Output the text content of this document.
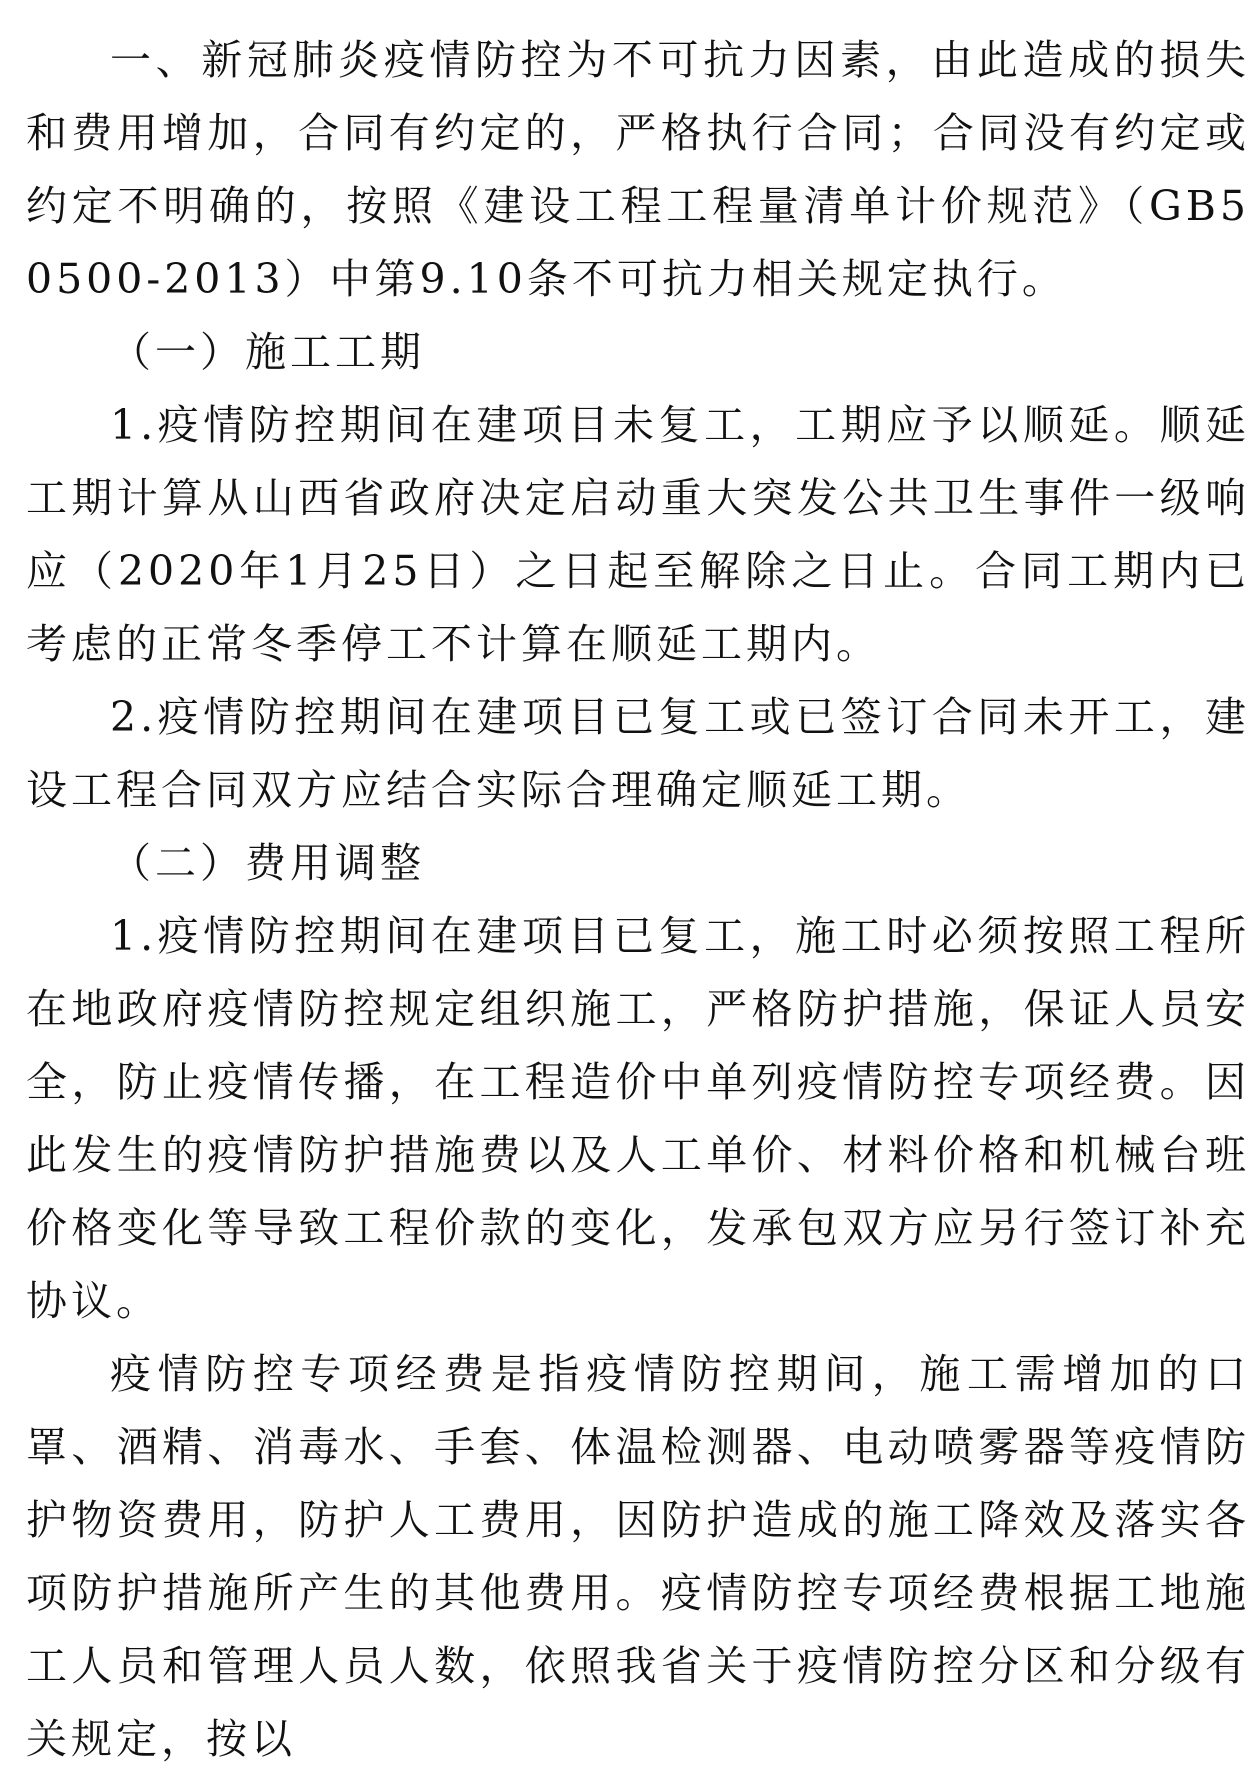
一、新冠肺炎疫情防控为不可抗力因素，由此造成的损失和费用增加，合同有约定的，严格执行合同；合同没有约定或约定不明确的，按照《建设工程工程量清单计价规范》（GB50500-2013）中第9.10条不可抗力相关规定执行。

（一）施工工期

1.疫情防控期间在建项目未复工，工期应予以顺延。顺延工期计算从山西省政府决定启动重大突发公共卫生事件一级响应（2020年1月25日）之日起至解除之日止。合同工期内已考虑的正常冬季停工不计算在顺延工期内。

2.疫情防控期间在建项目已复工或已签订合同未开工，建设工程合同双方应结合实际合理确定顺延工期。

（二）费用调整

1.疫情防控期间在建项目已复工，施工时必须按照工程所在地政府疫情防控规定组织施工，严格防护措施，保证人员安全，防止疫情传播，在工程造价中单列疫情防控专项经费。因此发生的疫情防护措施费以及人工单价、材料价格和机械台班价格变化等导致工程价款的变化，发承包双方应另行签订补充协议。

疫情防控专项经费是指疫情防控期间，施工需增加的口罩、酒精、消毒水、手套、体温检测器、电动喷雾器等疫情防护物资费用，防护人工费用，因防护造成的施工降效及落实各项防护措施所产生的其他费用。疫情防控专项经费根据工地施工人员和管理人员人数，依照我省关于疫情防控分区和分级有关规定，按以
